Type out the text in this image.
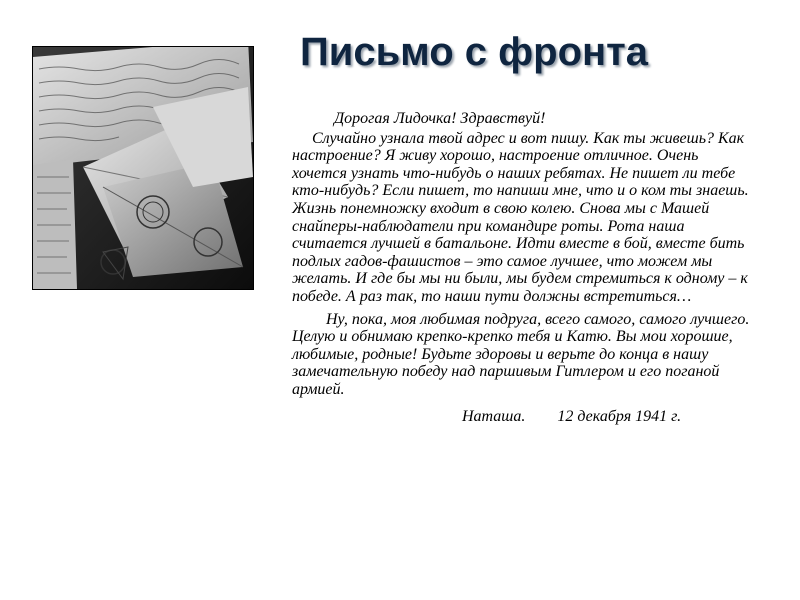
Письмо с фронта

Дорогая Лидочка! Здравствуй!

Случайно узнала твой адрес и вот пишу. Как ты живешь? Как настроение? Я живу хорошо, настроение отличное. Очень хочется узнать что-нибудь о наших ребятах. Не пишет ли тебе кто-нибудь? Если пишет, то напиши мне, что и о ком ты знаешь. Жизнь понемножку входит в свою колею. Снова мы с Машей снайперы-наблюдатели при командире роты. Рота наша считается лучшей в батальоне. Идти вместе в бой, вместе бить подлых гадов-фашистов – это самое лучшее, что можем мы желать. И где бы мы ни были, мы будем стремиться к одному – к победе. А раз так, то наши пути должны встретиться…

Ну, пока, моя любимая подруга, всего самого, самого лучшего. Целую и обнимаю крепко-крепко тебя и Катю. Вы мои хорошие, любимые, родные! Будьте здоровы и верьте до конца в нашу замечательную победу над паршивым Гитлером и его поганой армией.

Наташа. 12 декабря 1941 г.
